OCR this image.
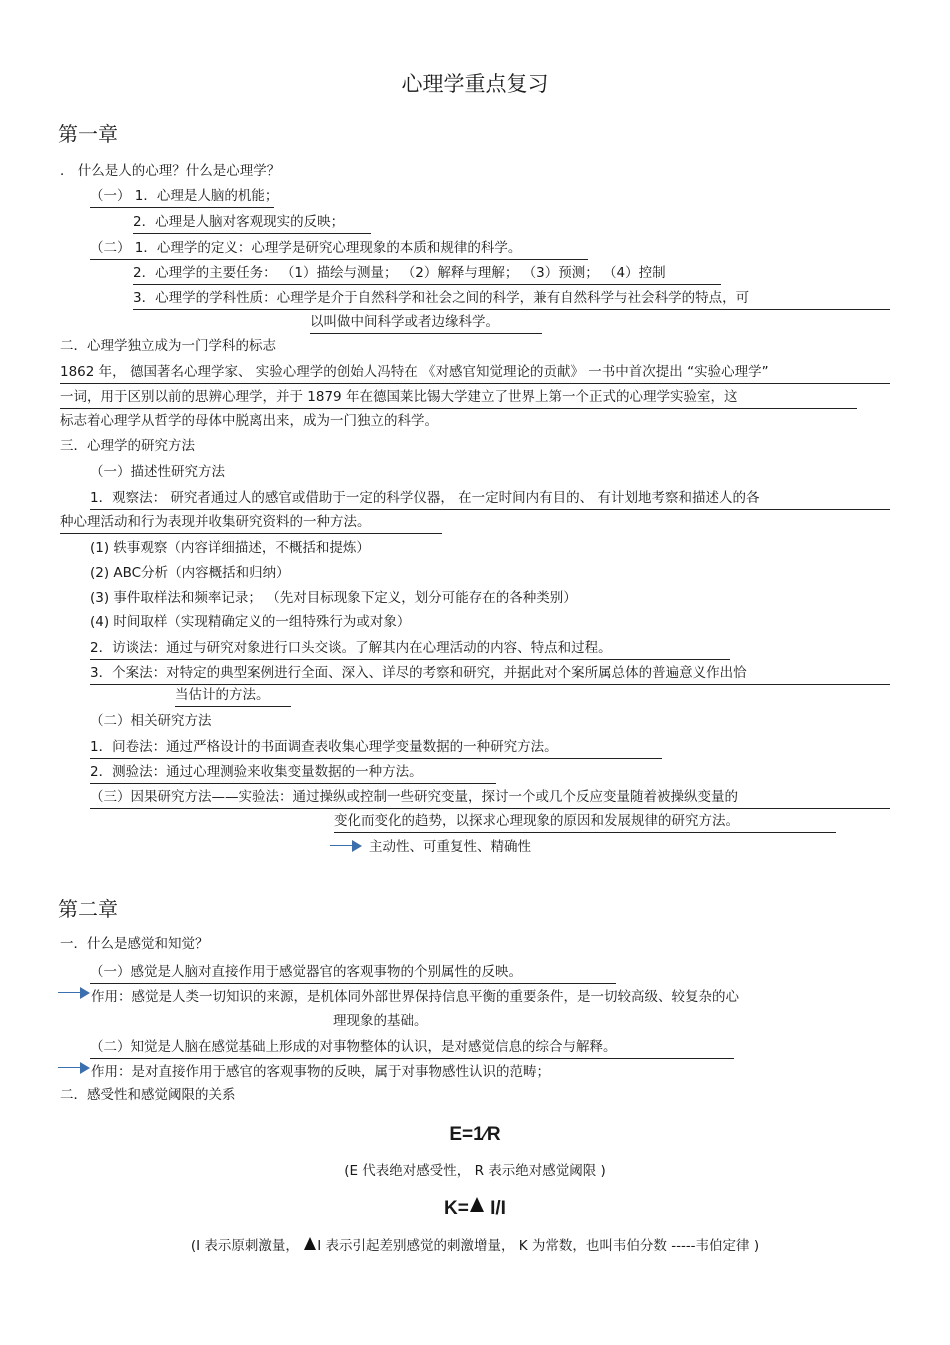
心理学重点复习
第一章
． 什么是人的心理？什么是心理学？
（一） 1．心理是人脑的机能；
2．心理是人脑对客观现实的反映；
（二） 1．心理学的定义：心理学是研究心理现象的本质和规律的科学。
2．心理学的主要任务： （1）描绘与测量； （2）解释与理解； （3）预测； （4）控制
3．心理学的学科性质：心理学是介于自然科学和社会之间的科学，兼有自然科学与社会科学的特点，可
以叫做中间科学或者边缘科学。
二．心理学独立成为一门学科的标志
1862 年， 德国著名心理学家、 实验心理学的创始人冯特在 《对感官知觉理论的贡献》 一书中首次提出 “实验心理学”
一词，用于区别以前的思辨心理学，并于 1879 年在德国莱比锡大学建立了世界上第一个正式的心理学实验室，这
标志着心理学从哲学的母体中脱离出来，成为一门独立的科学。
三．心理学的研究方法
（一）描述性研究方法
1．观察法： 研究者通过人的感官或借助于一定的科学仪器， 在一定时间内有目的、 有计划地考察和描述人的各
种心理活动和行为表现并收集研究资料的一种方法。
(1) 轶事观察（内容详细描述，不概括和提炼）
(2) ABC分析（内容概括和归纳）
(3) 事件取样法和频率记录； （先对目标现象下定义，划分可能存在的各种类别）
(4) 时间取样（实现精确定义的一组特殊行为或对象）
2．访谈法：通过与研究对象进行口头交谈。了解其内在心理活动的内容、特点和过程。
3．个案法：对特定的典型案例进行全面、深入、详尽的考察和研究，并据此对个案所属总体的普遍意义作出恰
当估计的方法。
（二）相关研究方法
1．问卷法：通过严格设计的书面调查表收集心理学变量数据的一种研究方法。
2．测验法：通过心理测验来收集变量数据的一种方法。
（三）因果研究方法——实验法：通过操纵或控制一些研究变量，探讨一个或几个反应变量随着被操纵变量的
变化而变化的趋势，以探求心理现象的原因和发展规律的研究方法。
主动性、可重复性、精确性
第二章
一．什么是感觉和知觉？
（一）感觉是人脑对直接作用于感觉器官的客观事物的个别属性的反映。
作用：感觉是人类一切知识的来源，是机体同外部世界保持信息平衡的重要条件，是一切较高级、较复杂的心
理现象的基础。
（二）知觉是人脑在感觉基础上形成的对事物整体的认识，是对感觉信息的综合与解释。
作用：是对直接作用于感官的客观事物的反映，属于对事物感性认识的范畴；
二．感受性和感觉阈限的关系
E=1⁄R
(E 代表绝对感受性， R 表示绝对感觉阈限 )
K= I/I
(I 表示原刺激量， I 表示引起差别感觉的刺激增量， K 为常数，也叫韦伯分数 -----韦伯定律 )
